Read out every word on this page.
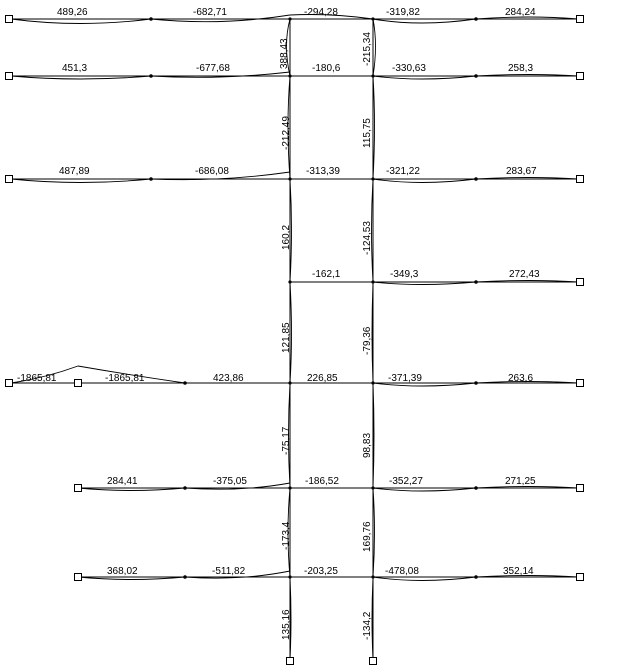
489,26	-682,71	-294,28	-319,82	284,24
451,3	-677,68	-180,6	-330,63	258,3
487,89	-686,08	-313,39	-321,22	283,67
-162,1	-349,3	272,43
-1865,81	-1865,81	423,86	226,85	-371,39	263,6
284,41	-375,05	-186,52	-352,27	271,25
368,02	-511,82	-203,25	-478,08	352,14
388,43	-215,34
-212,49	115,75
160,2	-124,53
121,85	-79,36
-75,17	98,83
-173,4	169,76
135,16	-134,2
